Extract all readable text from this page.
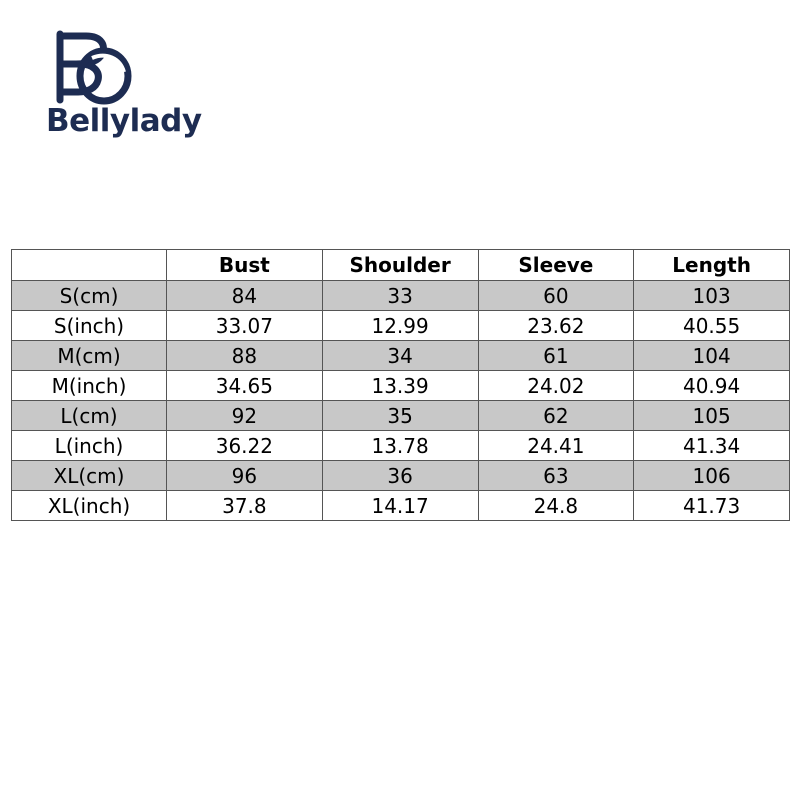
Bellylady
	Bust	Shoulder	Sleeve	Length
S(cm)	84	33	60	103
S(inch)	33.07	12.99	23.62	40.55
M(cm)	88	34	61	104
M(inch)	34.65	13.39	24.02	40.94
L(cm)	92	35	62	105
L(inch)	36.22	13.78	24.41	41.34
XL(cm)	96	36	63	106
XL(inch)	37.8	14.17	24.8	41.73
